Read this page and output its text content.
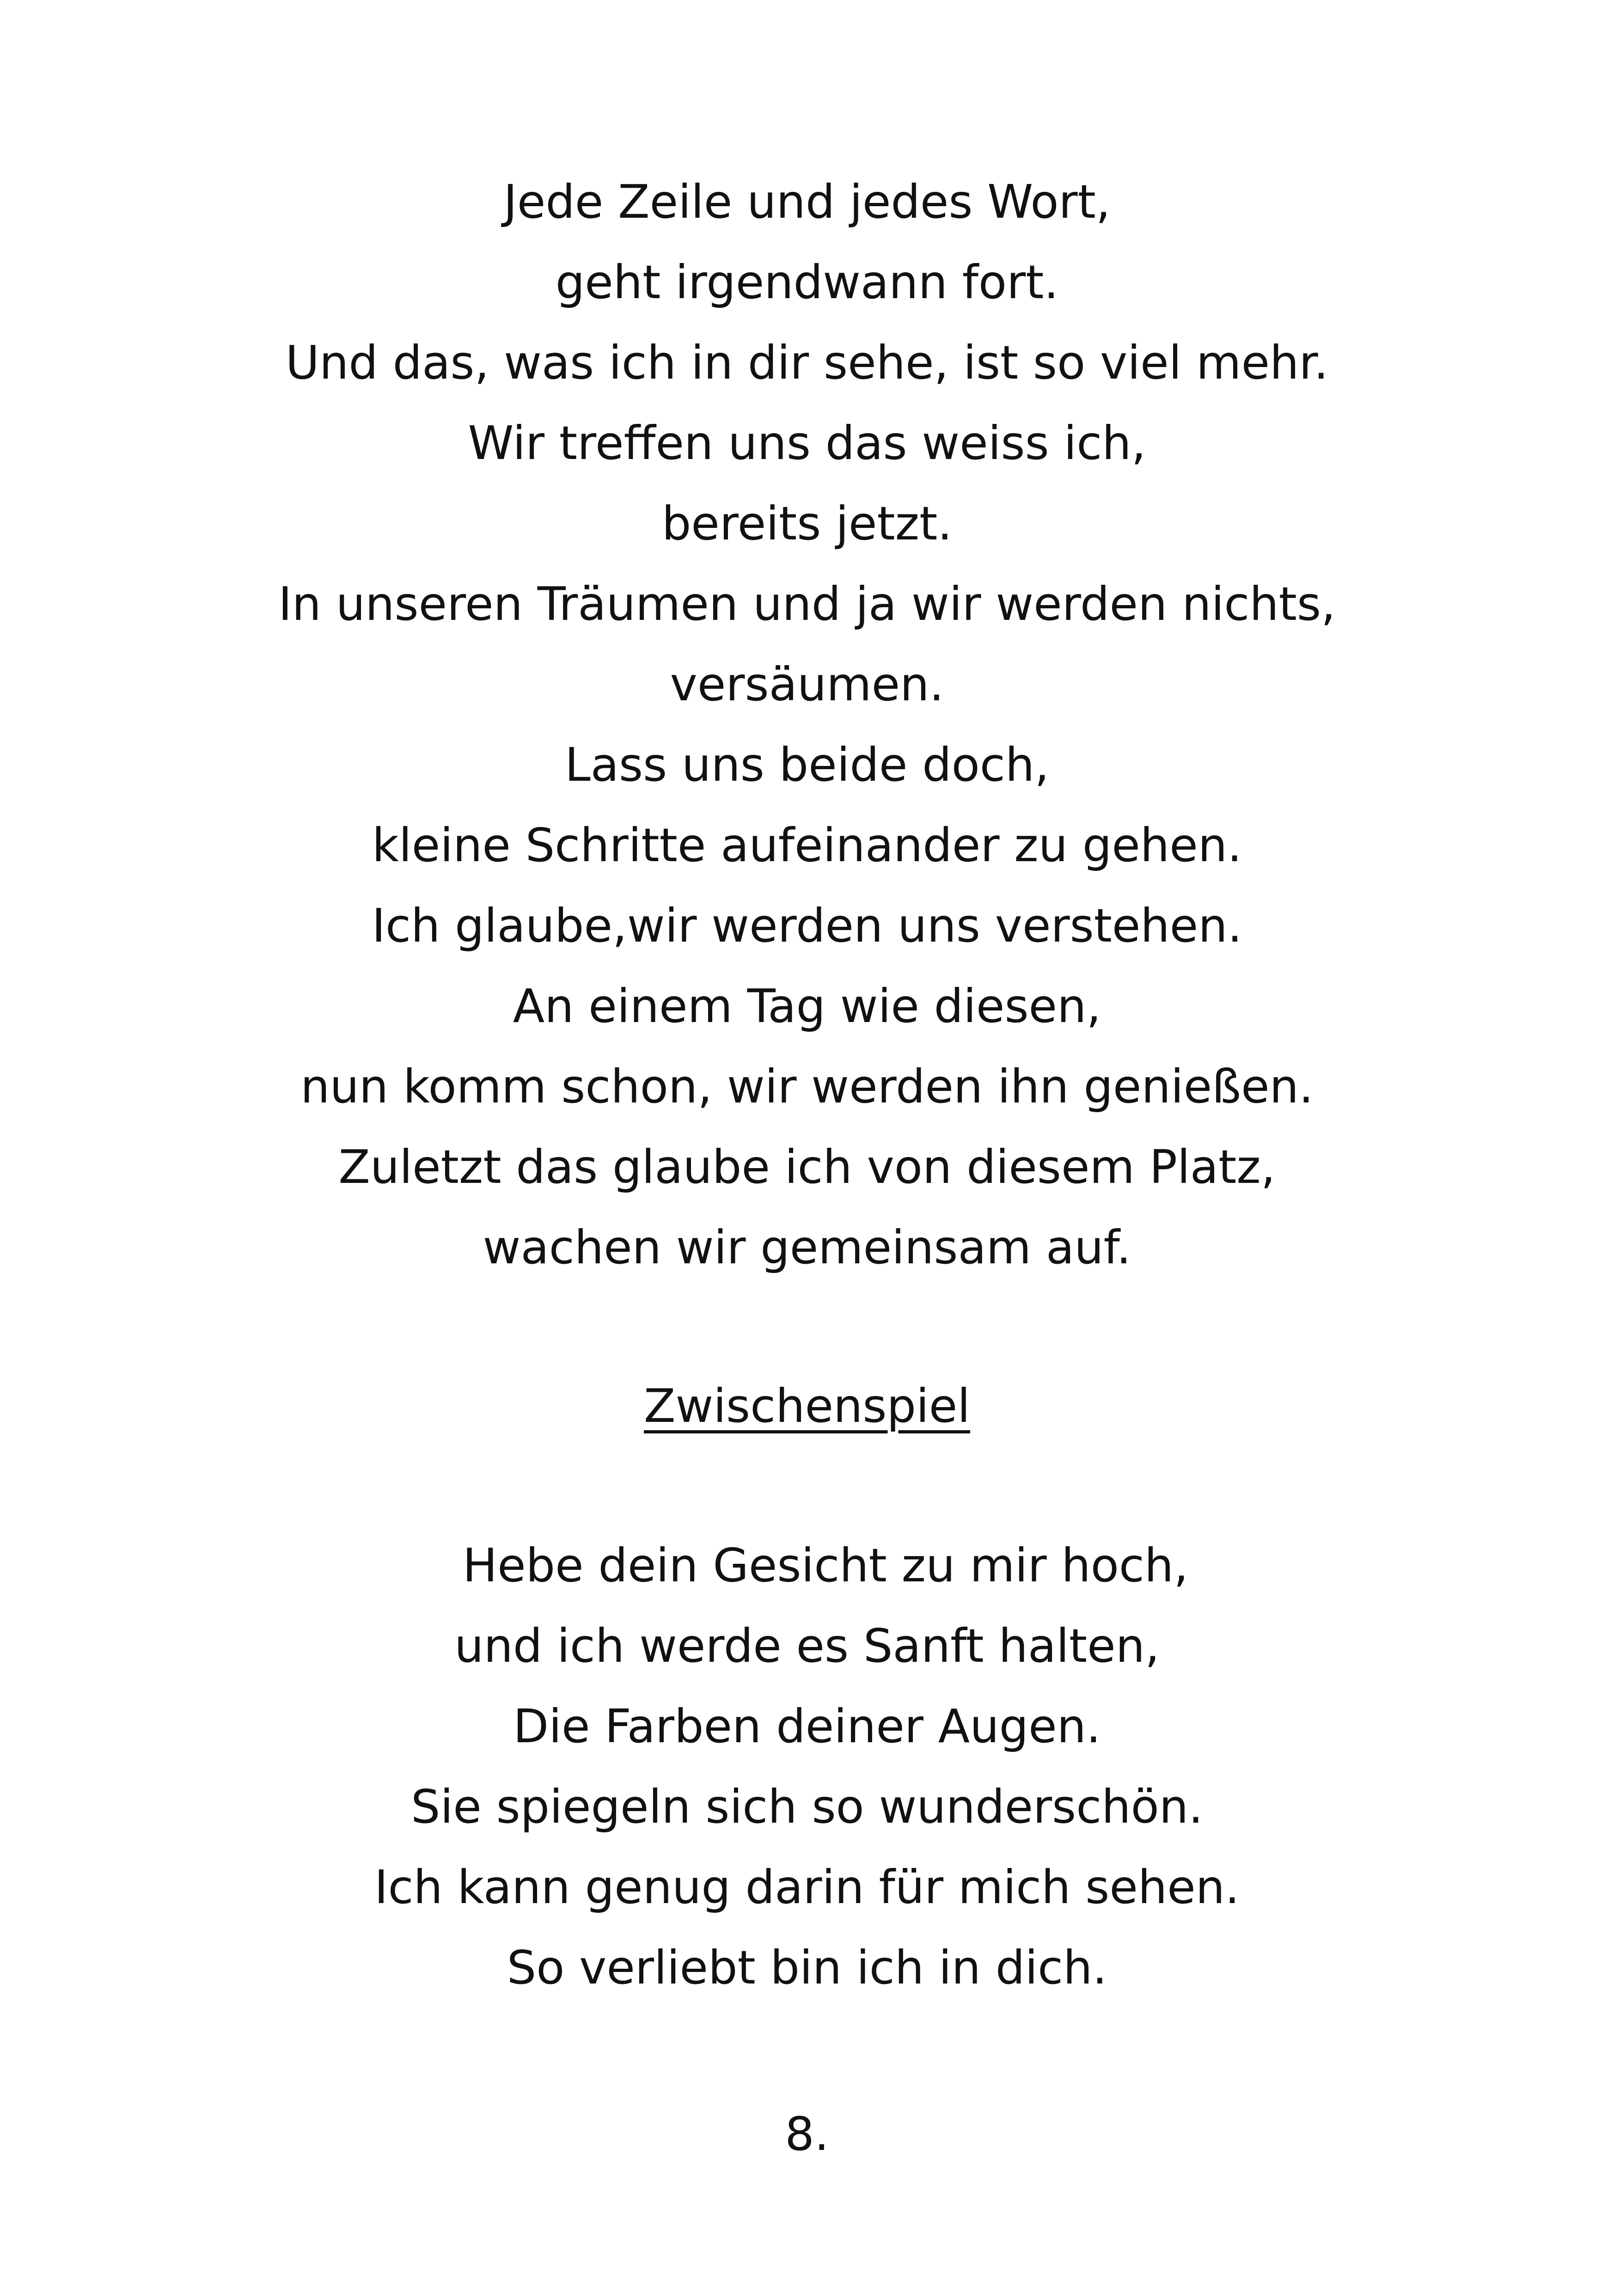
Jede Zeile und jedes Wort,
geht irgendwann fort.
Und das, was ich in dir sehe, ist so viel mehr.
Wir treffen uns das weiss ich,
bereits jetzt.
In unseren Träumen und ja wir werden nichts,
versäumen.
Lass uns beide doch,
kleine Schritte aufeinander zu gehen.
Ich glaube,wir werden uns verstehen.
An einem Tag wie diesen,
nun komm schon, wir werden ihn genießen.
Zuletzt das glaube ich von diesem Platz,
wachen wir gemeinsam auf.
Zwischenspiel
Hebe dein Gesicht zu mir hoch,
und ich werde es Sanft halten,
Die Farben deiner Augen.
Sie spiegeln sich so wunderschön.
Ich kann genug darin für mich sehen.
So verliebt bin ich in dich.
8.
